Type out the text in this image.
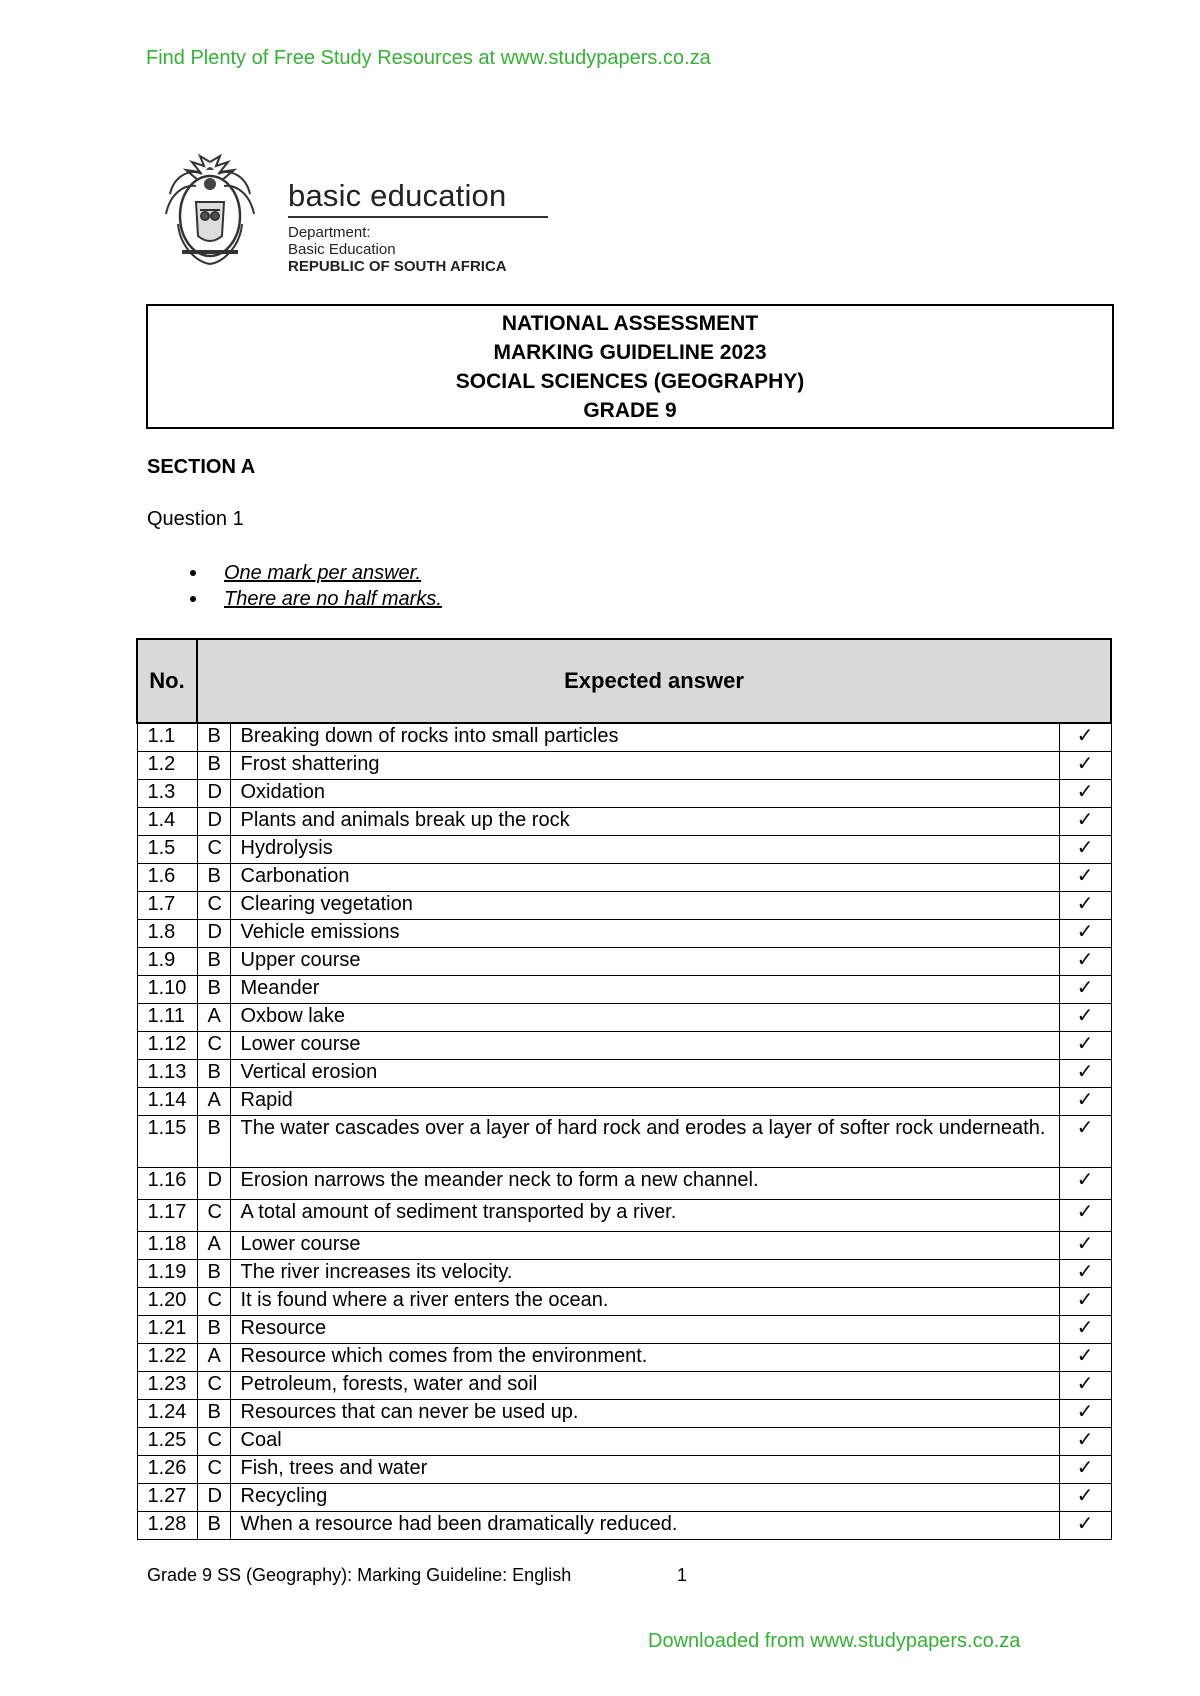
Find Plenty of Free Study Resources at www.studypapers.co.za
basic education
Department:
Basic Education
REPUBLIC OF SOUTH AFRICA
NATIONAL ASSESSMENT
MARKING GUIDELINE 2023
SOCIAL SCIENCES (GEOGRAPHY)
GRADE 9
SECTION A
Question 1
One mark per answer.
There are no half marks.
No.	Expected answer		
1.1	B	Breaking down of rocks into small particles	✓
1.2	B	Frost shattering	✓
1.3	D	Oxidation	✓
1.4	D	Plants and animals break up the rock	✓
1.5	C	Hydrolysis	✓
1.6	B	Carbonation	✓
1.7	C	Clearing vegetation	✓
1.8	D	Vehicle emissions	✓
1.9	B	Upper course	✓
1.10	B	Meander	✓
1.11	A	Oxbow lake	✓
1.12	C	Lower course	✓
1.13	B	Vertical erosion	✓
1.14	A	Rapid	✓
1.15	B	The water cascades over a layer of hard rock and erodes a layer of softer rock underneath.	✓
1.16	D	Erosion narrows the meander neck to form a new channel.	✓
1.17	C	A total amount of sediment transported by a river.	✓
1.18	A	Lower course	✓
1.19	B	The river increases its velocity.	✓
1.20	C	It is found where a river enters the ocean.	✓
1.21	B	Resource	✓
1.22	A	Resource which comes from the environment.	✓
1.23	C	Petroleum, forests, water and soil	✓
1.24	B	Resources that can never be used up.	✓
1.25	C	Coal	✓
1.26	C	Fish, trees and water	✓
1.27	D	Recycling	✓
1.28	B	When a resource had been dramatically reduced.	✓
Grade 9 SS (Geography): Marking Guideline: English	1
Downloaded from www.studypapers.co.za
